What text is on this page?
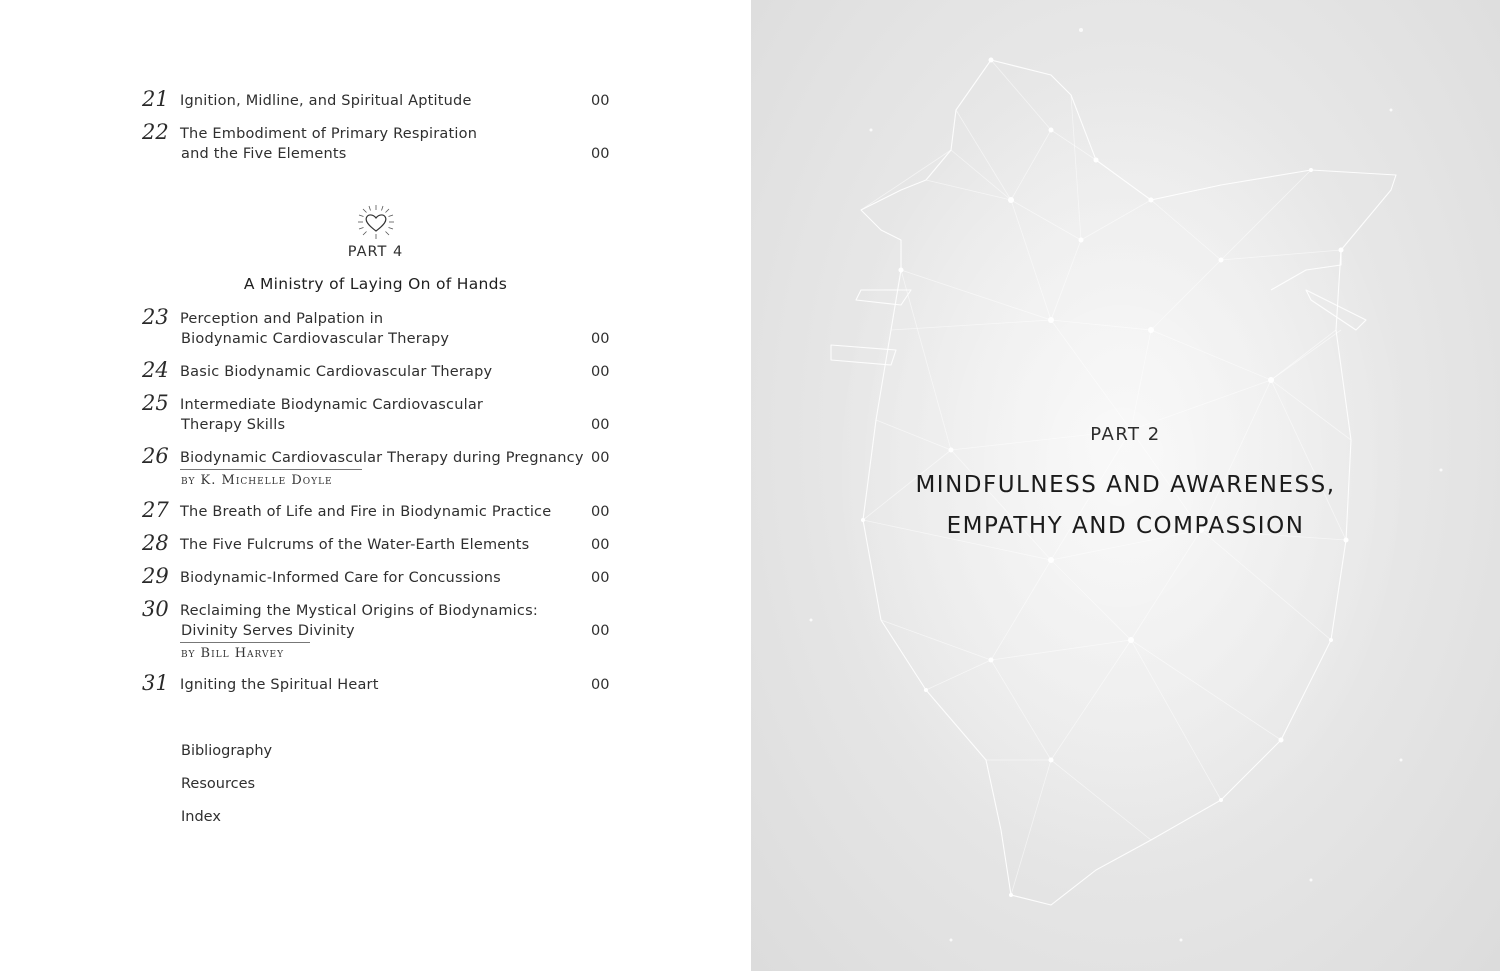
21 Ignition, Midline, and Spiritual Aptitude	00
22 The Embodiment of Primary Respiration
and the Five Elements	00
PART 4
A Ministry of Laying On of Hands
23 Perception and Palpation in
Biodynamic Cardiovascular Therapy	00
24 Basic Biodynamic Cardiovascular Therapy	00
25 Intermediate Biodynamic Cardiovascular
Therapy Skills	00
26 Biodynamic Cardiovascular Therapy during Pregnancy 00
by K. Michelle Doyle
27 The Breath of Life and Fire in Biodynamic Practice	00
28 The Five Fulcrums of the Water-Earth Elements	00
29 Biodynamic-Informed Care for Concussions	00
30 Reclaiming the Mystical Origins of Biodynamics:
Divinity Serves Divinity	00
by Bill Harvey
31 Igniting the Spiritual Heart	00
Bibliography
Resources
Index
PART 2
MINDFULNESS AND AWARENESS,
EMPATHY AND COMPASSION
